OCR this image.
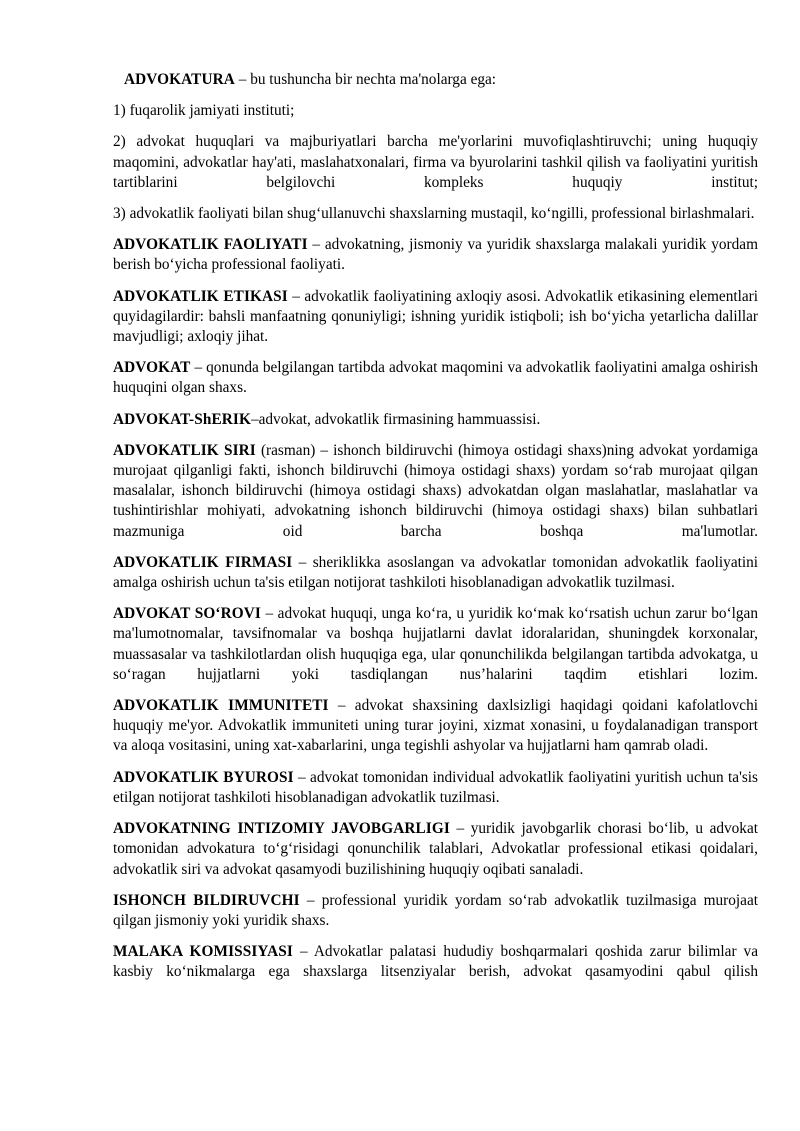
ADVOKATURA – bu tushuncha bir nechta ma'nolarga ega:

1) fuqarolik jamiyati instituti;

2) advokat huquqlari va majburiyatlari barcha me'yorlarini muvofiqlashtiruvchi; uning huquqiy maqomini, advokatlar hay'ati, maslahatxonalari, firma va byurolarini tashkil qilish va faoliyatini yuritish tartiblarini belgilovchi kompleks huquqiy institut;

3) advokatlik faoliyati bilan shug‘ullanuvchi shaxslarning mustaqil, ko‘ngilli, professional birlashmalari.

ADVOKATLIK FAOLIYATI – advokatning, jismoniy va yuridik shaxslarga malakali yuridik yordam berish bo‘yicha professional faoliyati.

ADVOKATLIK ETIKASI – advokatlik faoliyatining axloqiy asosi. Advokatlik etikasining elementlari quyidagilardir: bahsli manfaatning qonuniyligi; ishning yuridik istiqboli; ish bo‘yicha yetarlicha dalillar mavjudligi; axloqiy jihat.

ADVOKAT – qonunda belgilangan tartibda advokat maqomini va advokatlik faoliyatini amalga oshirish huquqini olgan shaxs.

ADVOKAT-ShERIK–advokat, advokatlik firmasining hammuassisi.

ADVOKATLIK SIRI (rasman) – ishonch bildiruvchi (himoya ostidagi shaxs)ning advokat yordamiga murojaat qilganligi fakti, ishonch bildiruvchi (himoya ostidagi shaxs) yordam so‘rab murojaat qilgan masalalar, ishonch bildiruvchi (himoya ostidagi shaxs) advokatdan olgan maslahatlar, maslahatlar va tushintirishlar mohiyati, advokatning ishonch bildiruvchi (himoya ostidagi shaxs) bilan suhbatlari mazmuniga oid barcha boshqa ma'lumotlar.

ADVOKATLIK FIRMASI – sheriklikka asoslangan va advokatlar tomonidan advokatlik faoliyatini amalga oshirish uchun ta'sis etilgan notijorat tashkiloti hisoblanadigan advokatlik tuzilmasi.

ADVOKAT SO‘ROVI – advokat huquqi, unga ko‘ra, u yuridik ko‘mak ko‘rsatish uchun zarur bo‘lgan ma'lumotnomalar, tavsifnomalar va boshqa hujjatlarni davlat idoralaridan, shuningdek korxonalar, muassasalar va tashkilotlardan olish huquqiga ega, ular qonunchilikda belgilangan tartibda advokatga, u so‘ragan hujjatlarni yoki tasdiqlangan nus’halarini taqdim etishlari lozim.

ADVOKATLIK IMMUNITETI – advokat shaxsining daxlsizligi haqidagi qoidani kafolatlovchi huquqiy me'yor. Advokatlik immuniteti uning turar joyini, xizmat xonasini, u foydalanadigan transport va aloqa vositasini, uning xat-xabarlarini, unga tegishli ashyolar va hujjatlarni ham qamrab oladi.

ADVOKATLIK BYUROSI – advokat tomonidan individual advokatlik faoliyatini yuritish uchun ta'sis etilgan notijorat tashkiloti hisoblanadigan advokatlik tuzilmasi.

ADVOKATNING INTIZOMIY JAVOBGARLIGI – yuridik javobgarlik chorasi bo‘lib, u advokat tomonidan advokatura to‘g‘risidagi qonunchilik talablari, Advokatlar professional etikasi qoidalari, advokatlik siri va advokat qasamyodi buzilishining huquqiy oqibati sanaladi.

ISHONCH BILDIRUVCHI – professional yuridik yordam so‘rab advokatlik tuzilmasiga murojaat qilgan jismoniy yoki yuridik shaxs.

MALAKA KOMISSIYASI – Advokatlar palatasi hududiy boshqarmalari qoshida zarur bilimlar va kasbiy ko‘nikmalarga ega shaxslarga litsenziyalar berish, advokat qasamyodini qabul qilish
